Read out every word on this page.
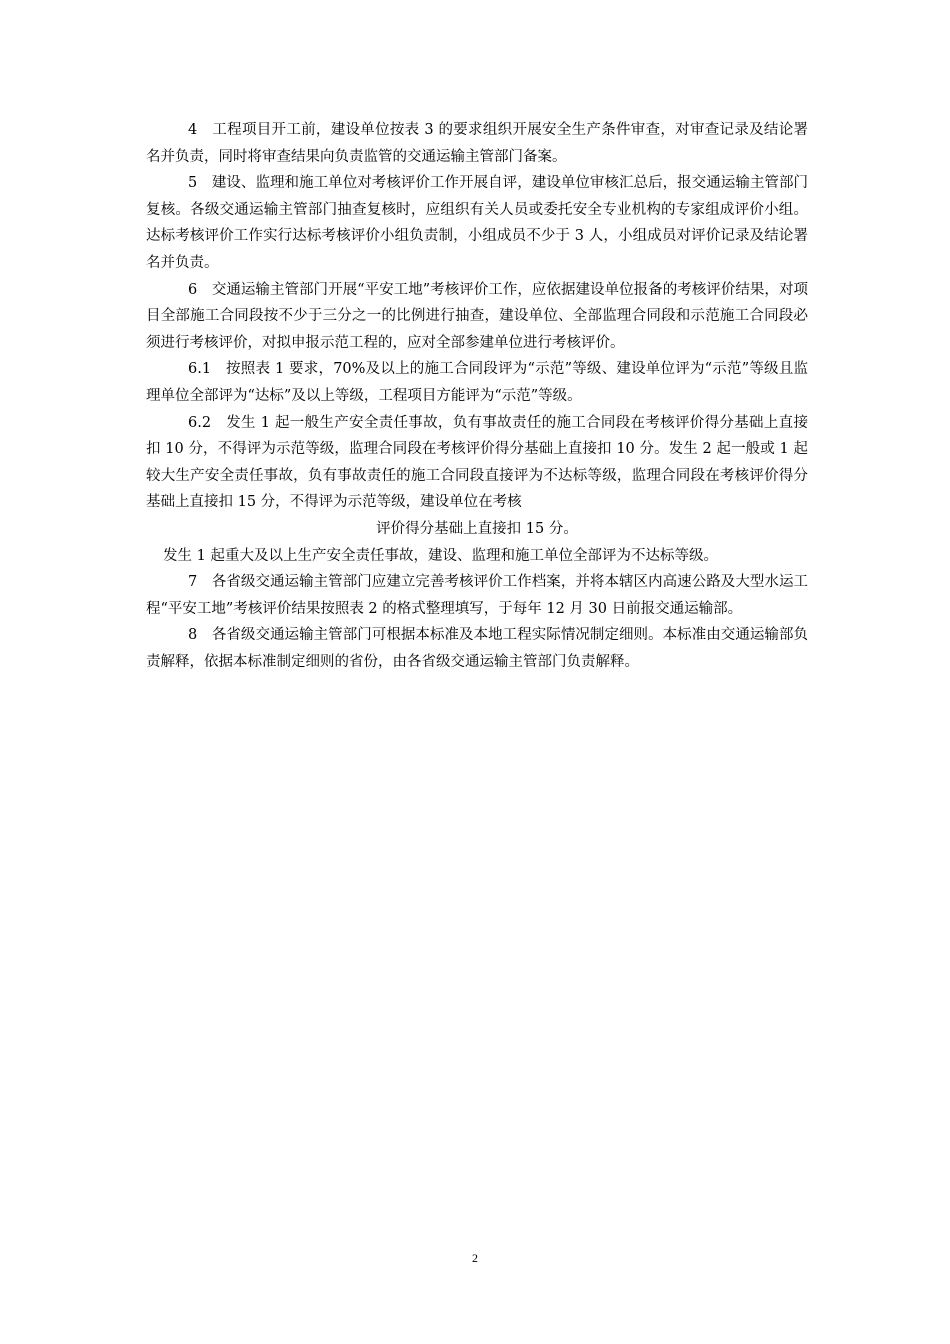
4　工程项目开工前，建设单位按表 3 的要求组织开展安全生产条件审查，对审查记录及结论署名并负责，同时将审查结果向负责监管的交通运输主管部门备案。

5　建设、监理和施工单位对考核评价工作开展自评，建设单位审核汇总后，报交通运输主管部门复核。各级交通运输主管部门抽查复核时，应组织有关人员或委托安全专业机构的专家组成评价小组。达标考核评价工作实行达标考核评价小组负责制，小组成员不少于 3 人，小组成员对评价记录及结论署名并负责。

6　交通运输主管部门开展“平安工地”考核评价工作，应依据建设单位报备的考核评价结果，对项目全部施工合同段按不少于三分之一的比例进行抽查，建设单位、全部监理合同段和示范施工合同段必须进行考核评价，对拟申报示范工程的，应对全部参建单位进行考核评价。

6.1　按照表 1 要求，70%及以上的施工合同段评为“示范”等级、建设单位评为“示范”等级且监理单位全部评为“达标”及以上等级，工程项目方能评为“示范”等级。

6.2　发生 1 起一般生产安全责任事故，负有事故责任的施工合同段在考核评价得分基础上直接扣 10 分，不得评为示范等级，监理合同段在考核评价得分基础上直接扣 10 分。发生 2 起一般或 1 起较大生产安全责任事故，负有事故责任的施工合同段直接评为不达标等级，监理合同段在考核评价得分基础上直接扣 15 分，不得评为示范等级，建设单位在考核

评价得分基础上直接扣 15 分。

发生 1 起重大及以上生产安全责任事故，建设、监理和施工单位全部评为不达标等级。

7　各省级交通运输主管部门应建立完善考核评价工作档案，并将本辖区内高速公路及大型水运工程“平安工地”考核评价结果按照表 2 的格式整理填写，于每年 12 月 30 日前报交通运输部。

8　各省级交通运输主管部门可根据本标准及本地工程实际情况制定细则。本标准由交通运输部负责解释，依据本标准制定细则的省份，由各省级交通运输主管部门负责解释。

2
